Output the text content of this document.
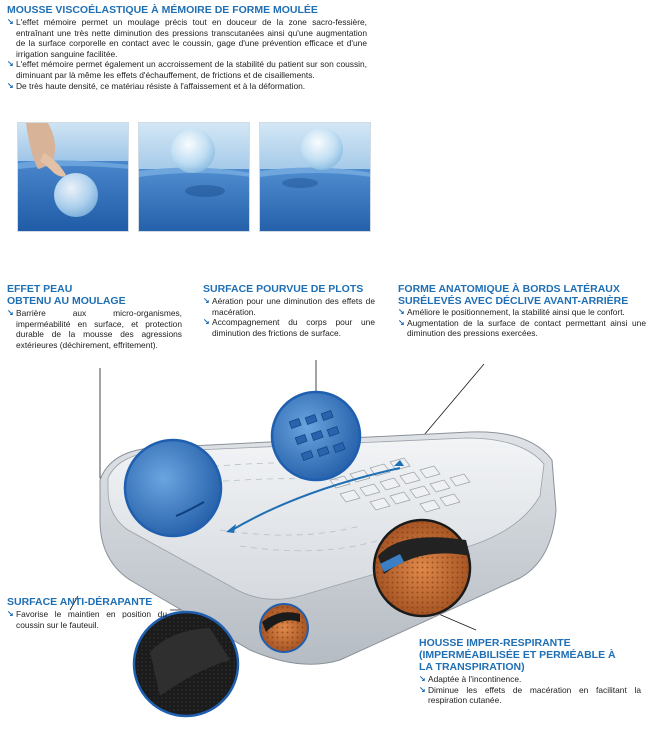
MOUSSE VISCOÉLASTIQUE À MÉMOIRE DE FORME MOULÉE
↘ L'effet mémoire permet un moulage précis tout en douceur de la zone sacro-fessière, entraînant une très nette diminution des pressions transcutanées ainsi qu'une augmentation de la surface corporelle en contact avec le coussin, gage d'une prévention efficace et d'une irrigation sanguine facilitée.
↘ L'effet mémoire permet également un accroissement de la stabilité du patient sur son coussin, diminuant par là même les effets d'échauffement, de frictions et de cisaillements.
↘ De très haute densité, ce matériau résiste à l'affaissement et à la déformation.
EFFET PEAU
OBTENU AU MOULAGE
↘ Barrière aux micro-organismes, imperméabilité en surface, et protection durable de la mousse des agressions extérieures (déchirement, effritement).
SURFACE POURVUE DE PLOTS
↘ Aération pour une diminution des effets de macération.
↘ Accompagnement du corps pour une diminution des frictions de surface.
FORME ANATOMIQUE À BORDS LATÉRAUX
SURÉLEVÉS AVEC DÉCLIVE AVANT-ARRIÈRE
↘ Améliore le positionnement, la stabilité ainsi que le confort.
↘ Augmentation de la surface de contact permettant ainsi une diminution des pressions exercées.
SURFACE ANTI-DÉRAPANTE
↘ Favorise le maintien en position du coussin sur le fauteuil.
HOUSSE IMPER-RESPIRANTE
(IMPERMÉABILISÉE ET PERMÉABLE À
LA TRANSPIRATION)
↘ Adaptée à l'incontinence.
↘ Diminue les effets de macération en facilitant la respiration cutanée.
